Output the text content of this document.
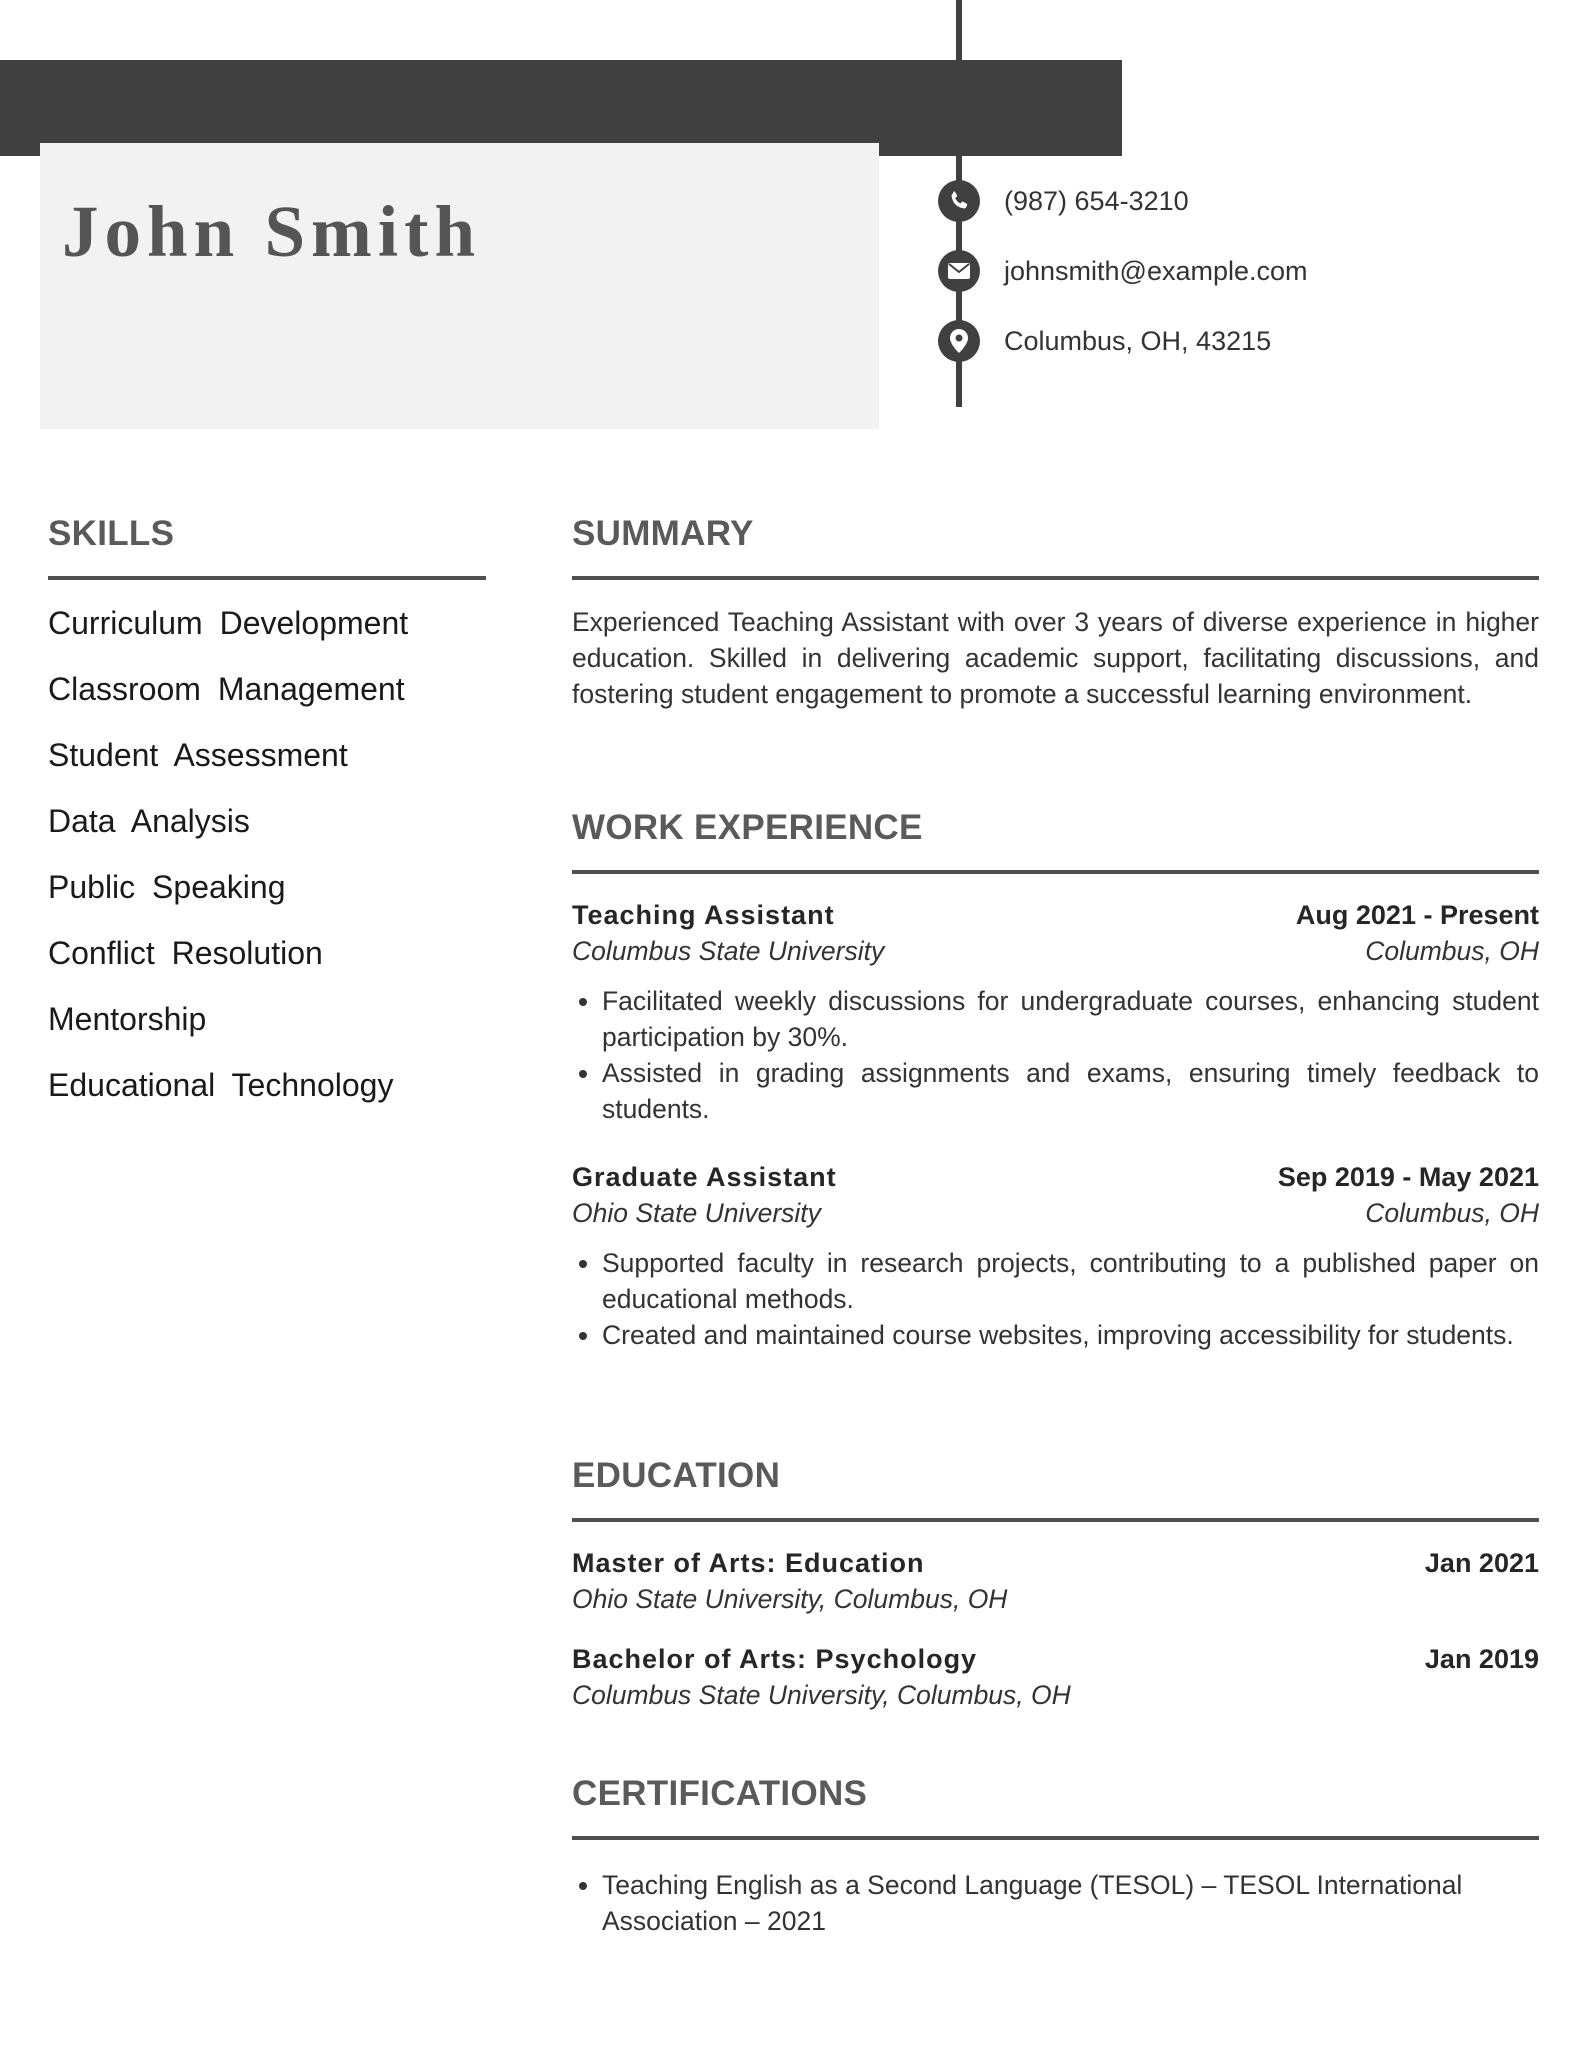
John Smith	(987) 654-3210
johnsmith@example.com
Columbus, OH, 43215
SKILLS
Curriculum Development
Classroom Management
Student Assessment
Data Analysis
Public Speaking
Conflict Resolution
Mentorship
Educational Technology
SUMMARY

Experienced Teaching Assistant with over 3 years of diverse experience in higher education. Skilled in delivering academic support, facilitating discussions, and fostering student engagement to promote a successful learning environment.

WORK EXPERIENCE
Teaching Assistant	Aug 2021 - Present
Columbus State University	Columbus, OH
• Facilitated weekly discussions for undergraduate courses, enhancing student participation by 30%.
• Assisted in grading assignments and exams, ensuring timely feedback to students.
Graduate Assistant	Sep 2019 - May 2021
Ohio State University	Columbus, OH
• Supported faculty in research projects, contributing to a published paper on educational methods.
• Created and maintained course websites, improving accessibility for students.
EDUCATION
Master of Arts: Education	Jan 2021
Ohio State University, Columbus, OH
Bachelor of Arts: Psychology	Jan 2019
Columbus State University, Columbus, OH
CERTIFICATIONS
• Teaching English as a Second Language (TESOL) – TESOL International Association – 2021
